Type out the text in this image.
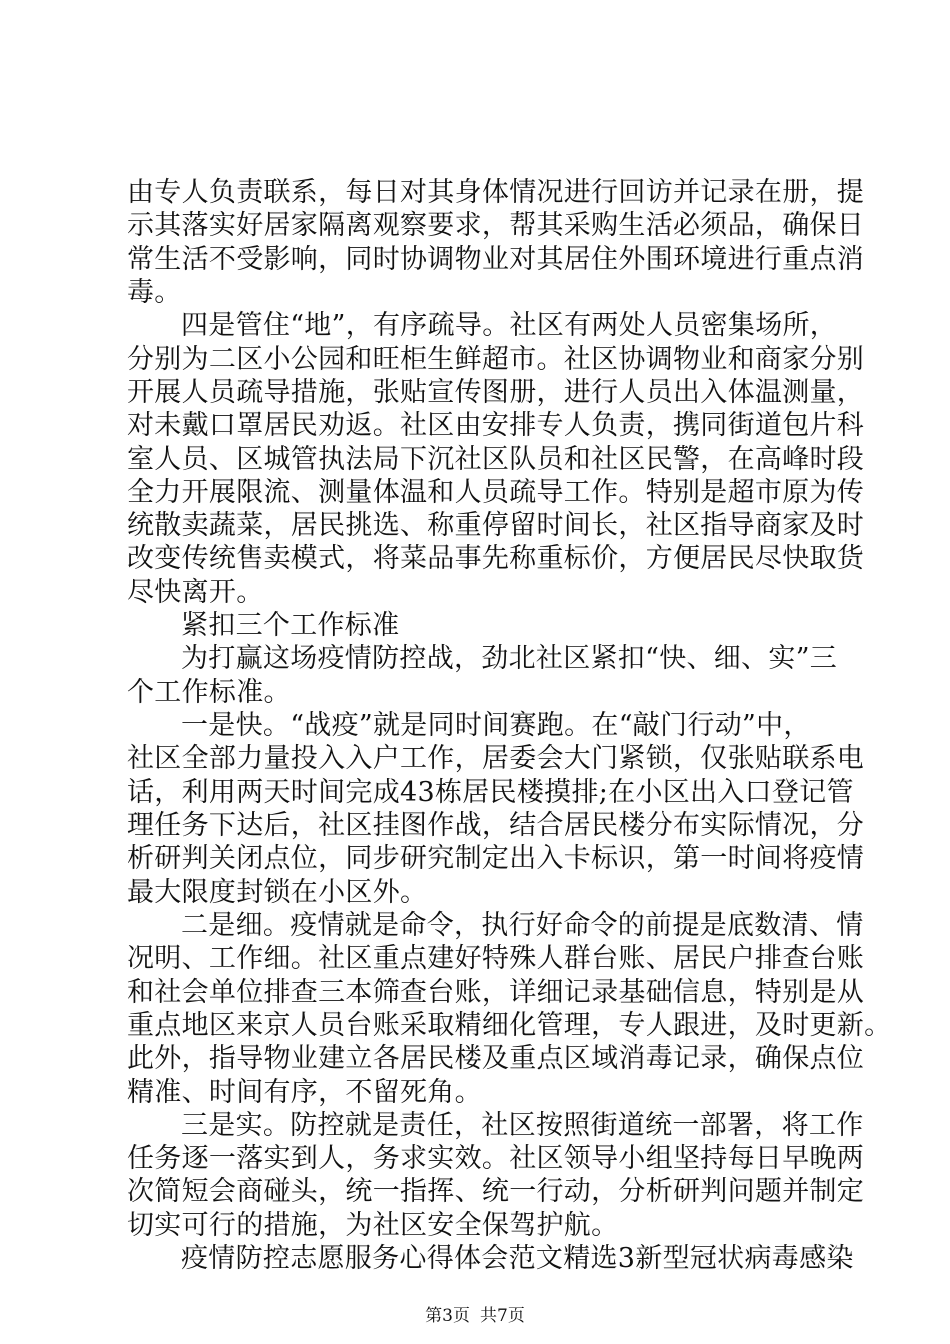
由专人负责联系，每日对其身体情况进行回访并记录在册，提
示其落实好居家隔离观察要求，帮其采购生活必须品，确保日
常生活不受影响，同时协调物业对其居住外围环境进行重点消
毒。
四是管住“地”，有序疏导。社区有两处人员密集场所，
分别为二区小公园和旺柜生鲜超市。社区协调物业和商家分别
开展人员疏导措施，张贴宣传图册，进行人员出入体温测量，
对未戴口罩居民劝返。社区由安排专人负责，携同街道包片科
室人员、区城管执法局下沉社区队员和社区民警，在高峰时段
全力开展限流、测量体温和人员疏导工作。特别是超市原为传
统散卖蔬菜，居民挑选、称重停留时间长，社区指导商家及时
改变传统售卖模式，将菜品事先称重标价，方便居民尽快取货
尽快离开。
紧扣三个工作标准
为打赢这场疫情防控战，劲北社区紧扣“快、细、实”三
个工作标准。
一是快。“战疫”就是同时间赛跑。在“敲门行动”中，
社区全部力量投入入户工作，居委会大门紧锁，仅张贴联系电
话，利用两天时间完成43栋居民楼摸排;在小区出入口登记管
理任务下达后，社区挂图作战，结合居民楼分布实际情况，分
析研判关闭点位，同步研究制定出入卡标识，第一时间将疫情
最大限度封锁在小区外。
二是细。疫情就是命令，执行好命令的前提是底数清、情
况明、工作细。社区重点建好特殊人群台账、居民户排查台账
和社会单位排查三本筛查台账，详细记录基础信息，特别是从
重点地区来京人员台账采取精细化管理，专人跟进，及时更新。
此外，指导物业建立各居民楼及重点区域消毒记录，确保点位
精准、时间有序，不留死角。
三是实。防控就是责任，社区按照街道统一部署，将工作
任务逐一落实到人，务求实效。社区领导小组坚持每日早晚两
次简短会商碰头，统一指挥、统一行动，分析研判问题并制定
切实可行的措施，为社区安全保驾护航。
疫情防控志愿服务心得体会范文精选3新型冠状病毒感染
第3页 共7页
